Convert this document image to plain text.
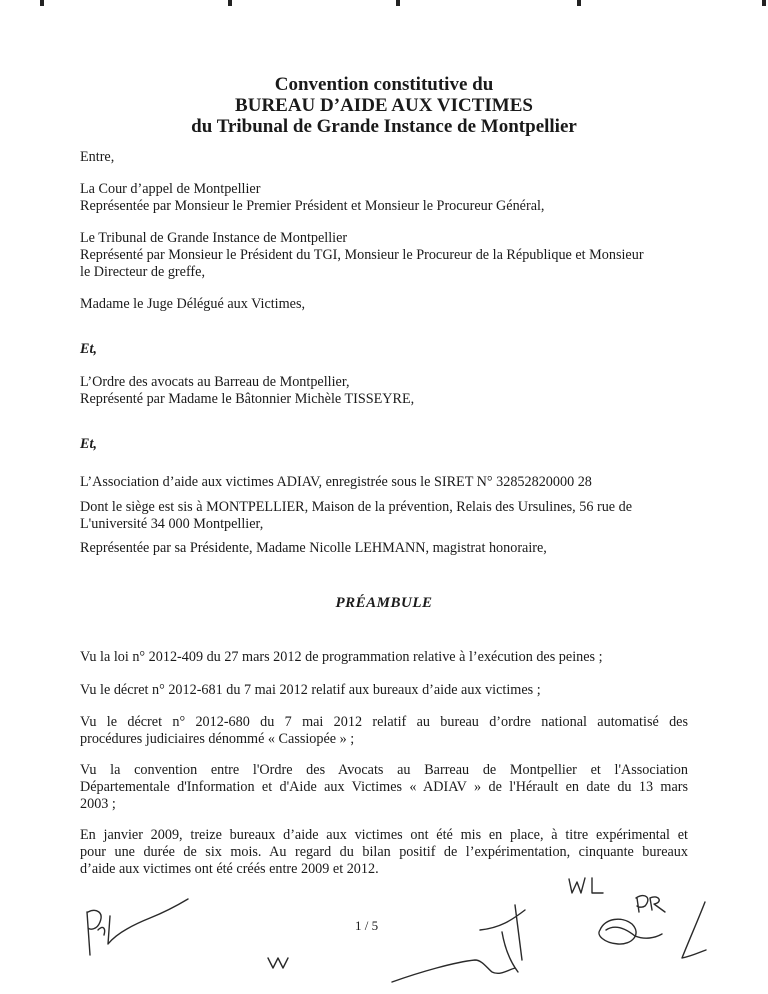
Convention constitutive du
BUREAU D’AIDE AUX VICTIMES
du Tribunal de Grande Instance de Montpellier
Entre,
La Cour d’appel de Montpellier
Représentée par Monsieur le Premier Président et Monsieur le Procureur Général,
Le Tribunal de Grande Instance de Montpellier
Représenté par Monsieur le Président du TGI, Monsieur le Procureur de la République et Monsieur
le Directeur de greffe,
Madame le Juge Délégué aux Victimes,
Et,
L’Ordre des avocats au Barreau de Montpellier,
Représenté par Madame le Bâtonnier Michèle TISSEYRE,
Et,
L’Association d’aide aux victimes ADIAV, enregistrée sous le SIRET N° 32852820000 28
Dont le siège est sis à MONTPELLIER, Maison de la prévention, Relais des Ursulines, 56 rue de
L'université 34 000 Montpellier,
Représentée par sa Présidente, Madame Nicolle LEHMANN, magistrat honoraire,
PRÉAMBULE
Vu la loi n° 2012-409 du 27 mars 2012 de programmation relative à l’exécution des peines ;
Vu le décret n° 2012-681 du 7 mai 2012 relatif aux bureaux d’aide aux victimes ;
Vu le décret n° 2012-680 du 7 mai 2012 relatif au bureau d’ordre national automatisé des
procédures judiciaires dénommé « Cassiopée » ;
Vu la convention entre l'Ordre des Avocats au Barreau de Montpellier et l'Association
Départementale d'Information et d'Aide aux Victimes « ADIAV » de l'Hérault en date du 13 mars
2003 ;
En janvier 2009, treize bureaux d’aide aux victimes ont été mis en place, à titre expérimental et
pour une durée de six mois. Au regard du bilan positif de l’expérimentation, cinquante bureaux
d’aide aux victimes ont été créés entre 2009 et 2012.
1 / 5
